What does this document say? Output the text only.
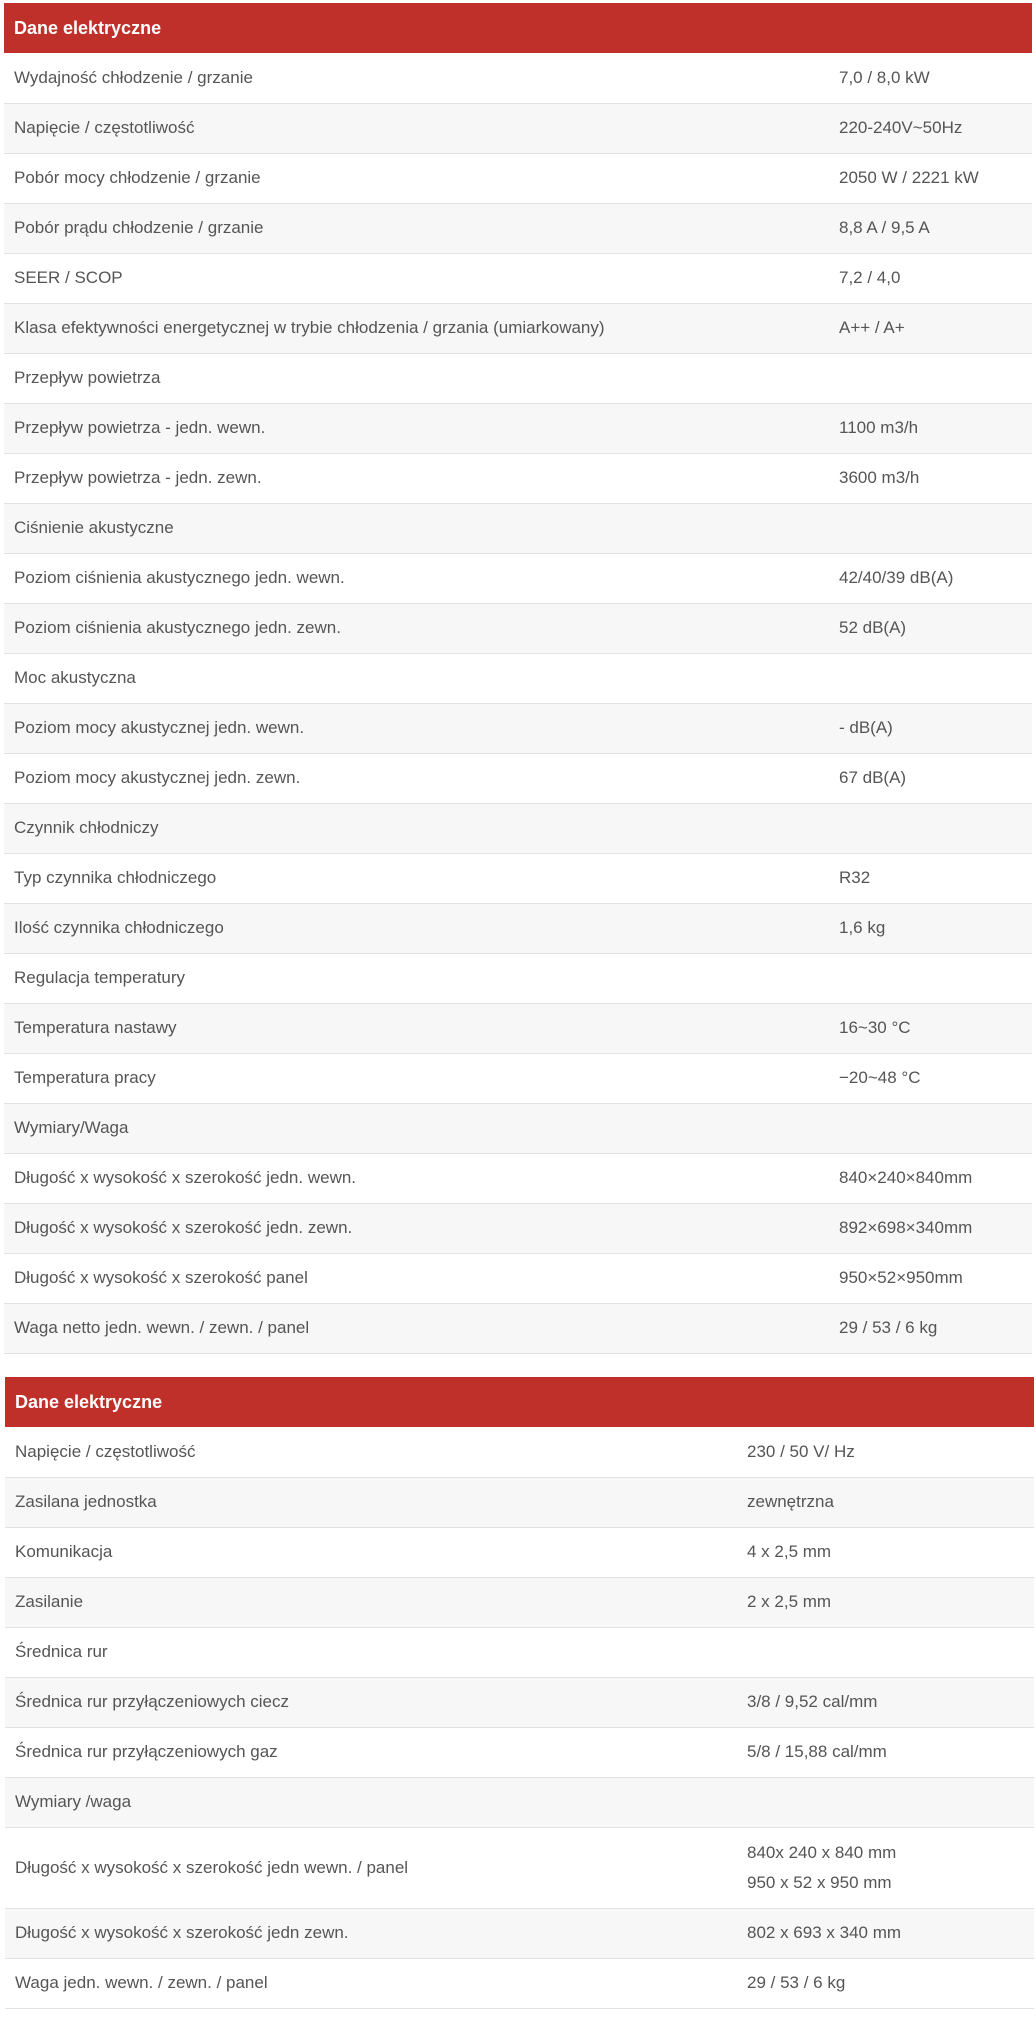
Dane elektryczne	
Wydajność chłodzenie / grzanie	7,0 / 8,0 kW
Napięcie / częstotliwość	220-240V~50Hz
Pobór mocy chłodzenie / grzanie	2050 W / 2221 kW
Pobór prądu chłodzenie / grzanie	8,8 A / 9,5 A
SEER / SCOP	7,2 / 4,0
Klasa efektywności energetycznej w trybie chłodzenia / grzania (umiarkowany)	A++ / A+
Przepływ powietrza	
Przepływ powietrza - jedn. wewn.	1100 m3/h
Przepływ powietrza - jedn. zewn.	3600 m3/h
Ciśnienie akustyczne	
Poziom ciśnienia akustycznego jedn. wewn.	42/40/39 dB(A)
Poziom ciśnienia akustycznego jedn. zewn.	52 dB(A)
Moc akustyczna	
Poziom mocy akustycznej jedn. wewn.	- dB(A)
Poziom mocy akustycznej jedn. zewn.	67 dB(A)
Czynnik chłodniczy	
Typ czynnika chłodniczego	R32
Ilość czynnika chłodniczego	1,6 kg
Regulacja temperatury	
Temperatura nastawy	16~30 °C
Temperatura pracy	−20~48 °C
Wymiary/Waga	
Długość x wysokość x szerokość jedn. wewn.	840×240×840mm
Długość x wysokość x szerokość jedn. zewn.	892×698×340mm
Długość x wysokość x szerokość panel	950×52×950mm
Waga netto jedn. wewn. / zewn. / panel	29 / 53 / 6 kg
Dane elektryczne	
Napięcie / częstotliwość	230 / 50 V/ Hz
Zasilana jednostka	zewnętrzna
Komunikacja	4 x 2,5 mm
Zasilanie	2 x 2,5 mm
Średnica rur	
Średnica rur przyłączeniowych ciecz	3/8 / 9,52 cal/mm
Średnica rur przyłączeniowych gaz	5/8 / 15,88 cal/mm
Wymiary /waga	
Długość x wysokość x szerokość jedn wewn. / panel	840x 240 x 840 mm
950 x 52 x 950 mm

Długość x wysokość x szerokość jedn zewn.	802 x 693 x 340 mm
Waga jedn. wewn. / zewn. / panel	29 / 53 / 6 kg
